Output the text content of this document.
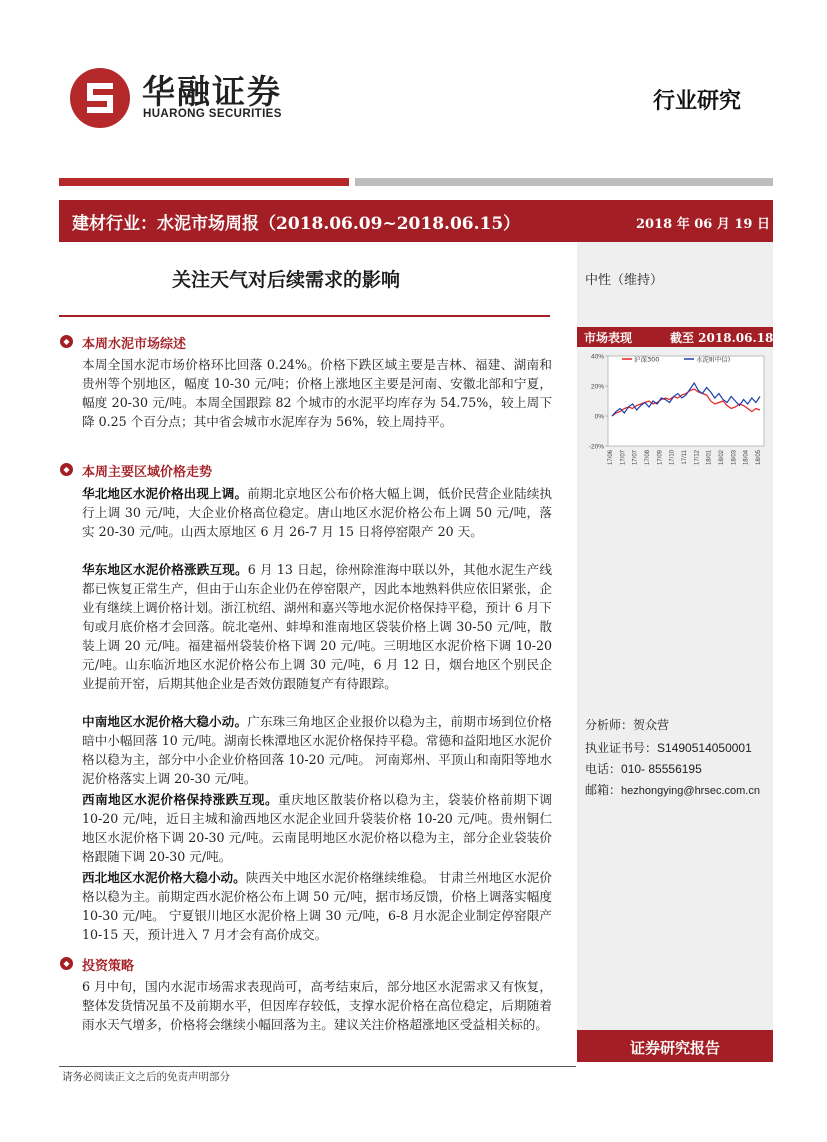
华融证券
HUARONG SECURITIES	行业研究
建材行业：水泥市场周报（2018.06.09~2018.06.15）	2018 年 06 月 19 日
关注天气对后续需求的影响	中性（维持）
◆ 本周水泥市场综述

本周全国水泥市场价格环比回落 0.24%。价格下跌区域主要是吉林、福建、湖南和贵州等个别地区，幅度 10-30 元/吨；价格上涨地区主要是河南、安徽北部和宁夏，幅度 20-30 元/吨。本周全国跟踪 82 个城市的水泥平均库存为 54.75%，较上周下降 0.25 个百分点；其中省会城市水泥库存为 56%，较上周持平。

◆ 本周主要区域价格走势

华北地区水泥价格出现上调。前期北京地区公布价格大幅上调，低价民营企业陆续执行上调 30 元/吨，大企业价格高位稳定。唐山地区水泥价格公布上调 50 元/吨，落实 20-30 元/吨。山西太原地区 6 月 26-7 月 15 日将停窑限产 20 天。

华东地区水泥价格涨跌互现。6 月 13 日起，徐州除淮海中联以外，其他水泥生产线都已恢复正常生产，但由于山东企业仍在停窑限产，因此本地熟料供应依旧紧张，企业有继续上调价格计划。浙江杭绍、湖州和嘉兴等地水泥价格保持平稳，预计 6 月下旬或月底价格才会回落。皖北亳州、蚌埠和淮南地区袋装价格上调 30-50 元/吨，散装上调 20 元/吨。福建福州袋装价格下调 20 元/吨。三明地区水泥价格下调 10-20 元/吨。山东临沂地区水泥价格公布上调 30 元/吨，6 月 12 日，烟台地区个别民企业提前开窑，后期其他企业是否效仿跟随复产有待跟踪。

中南地区水泥价格大稳小动。广东珠三角地区企业报价以稳为主，前期市场到位价格暗中小幅回落 10 元/吨。湖南长株潭地区水泥价格保持平稳。常德和益阳地区水泥价格以稳为主，部分中小企业价格回落 10-20 元/吨。 河南郑州、平顶山和南阳等地水泥价格落实上调 20-30 元/吨。

西南地区水泥价格保持涨跌互现。重庆地区散装价格以稳为主，袋装价格前期下调 10-20 元/吨，近日主城和渝西地区水泥企业回升袋装价格 10-20 元/吨。贵州铜仁地区水泥价格下调 20-30 元/吨。云南昆明地区水泥价格以稳为主，部分企业袋装价格跟随下调 20-30 元/吨。

西北地区水泥价格大稳小动。陕西关中地区水泥价格继续维稳。 甘肃兰州地区水泥价格以稳为主。前期定西水泥价格公布上调 50 元/吨，据市场反馈，价格上调落实幅度 10-30 元/吨。 宁夏银川地区水泥价格上调 30 元/吨，6-8 月水泥企业制定停窑限产 10-15 天，预计进入 7 月才会有高价成交。

◆ 投资策略

6 月中旬，国内水泥市场需求表现尚可，高考结束后，部分地区水泥需求又有恢复，整体发货情况虽不及前期水平，但因库存较低，支撑水泥价格在高位稳定，后期随着雨水天气增多，价格将会继续小幅回落为主。建议关注价格超涨地区受益相关标的。

市场表现	截至 2018.06.18
40%
20%
0%
-20%
17/06 17/07 17/07 17/08 17/09 17/10 17/11 17/12 18/01 18/02 18/03 18/04 18/05
沪深300	水泥Ⅱ(中信)
分析师：贺众营
执业证书号：S1490514050001
电话：010- 85556195
邮箱：hezhongying@hrsec.com.cn
证券研究报告
请务必阅读正文之后的免责声明部分
